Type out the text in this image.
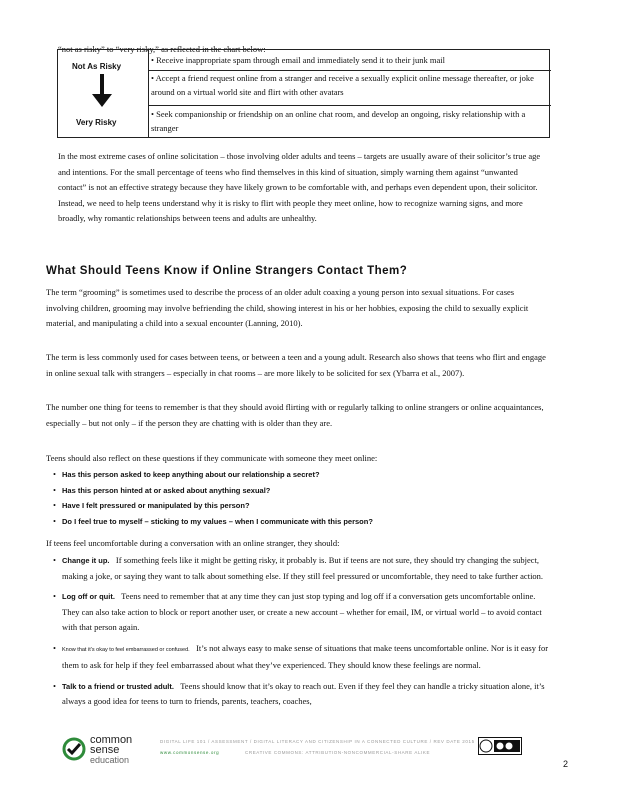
“not as risky” to “very risky,” as reflected in the chart below:

Not As Risky
Very Risky
• Receive inappropriate spam through email and immediately send it to their junk mail
• Accept a friend request online from a stranger and receive a sexually explicit online message thereafter, or joke around on a virtual world site and flirt with other avatars
• Seek companionship or friendship on an online chat room, and develop an ongoing, risky relationship with a stranger

In the most extreme cases of online solicitation – those involving older adults and teens – targets are usually aware of their solicitor’s true age and intentions. For the small percentage of teens who find themselves in this kind of situation, simply warning them against “unwanted contact” is not an effective strategy because they have likely grown to be comfortable with, and perhaps even dependent upon, their solicitor. Instead, we need to help teens understand why it is risky to flirt with people they meet online, how to recognize warning signs, and more broadly, why romantic relationships between teens and adults are unhealthy.

What Should Teens Know if Online Strangers Contact Them?

The term “grooming” is sometimes used to describe the process of an older adult coaxing a young person into sexual situations. For cases involving children, grooming may involve befriending the child, showing interest in his or her hobbies, exposing the child to sexually explicit material, and manipulating a child into a sexual encounter (Lanning, 2010).

The term is less commonly used for cases between teens, or between a teen and a young adult. Research also shows that teens who flirt and engage in online sexual talk with strangers – especially in chat rooms – are more likely to be solicited for sex (Ybarra et al., 2007).

The number one thing for teens to remember is that they should avoid flirting with or regularly talking to online strangers or online acquaintances, especially – but not only – if the person they are chatting with is older than they are.

Teens should also reflect on these questions if they communicate with someone they meet online:

• Has this person asked to keep anything about our relationship a secret?
• Has this person hinted at or asked about anything sexual?
• Have I felt pressured or manipulated by this person?
• Do I feel true to myself – sticking to my values – when I communicate with this person?

If teens feel uncomfortable during a conversation with an online stranger, they should:

• Change it up. If something feels like it might be getting risky, it probably is. But if teens are not sure, they should try changing the subject, making a joke, or saying they want to talk about something else. If they still feel pressured or uncomfortable, they need to take further action.
• Log off or quit. Teens need to remember that at any time they can just stop typing and log off if a conversation gets uncomfortable online. They can also take action to block or report another user, or create a new account – whether for email, IM, or virtual world – to avoid contact with that person again.
• Know that it’s okay to feel embarrassed or confused. It’s not always easy to make sense of situations that make teens uncomfortable online. Nor is it easy for them to ask for help if they feel embarrassed about what they’ve experienced. They should know these feelings are normal.
• Talk to a friend or trusted adult. Teens should know that it’s okay to reach out. Even if they feel they can handle a tricky situation alone, it’s always a good idea for teens to turn to friends, parents, teachers, coaches,
common
sense
education
DIGITAL LIFE 101 / ASSESSMENT / DIGITAL LITERACY AND CITIZENSHIP IN A CONNECTED CULTURE / REV DATE 2015
www.commonsense.org	CREATIVE COMMONS: ATTRIBUTION-NONCOMMERCIAL-SHARE ALIKE
2
